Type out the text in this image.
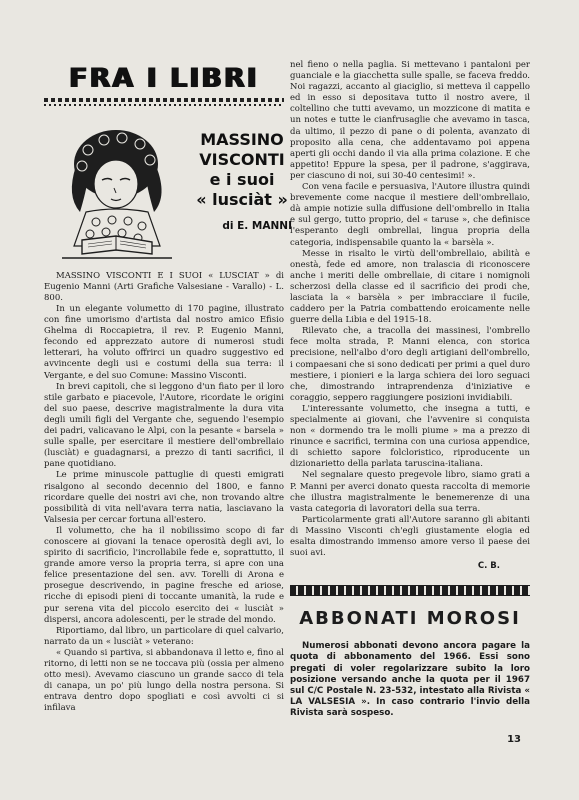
FRA I LIBRI
MASSINO
VISCONTI
e i suoi
« lusciàt »
di E. MANNI

MASSINO VISCONTI E I SUOI « LUSCIAT » di Eugenio Manni (Arti Grafiche Valsesiane - Varallo) - L. 800.

In un elegante volumetto di 170 pagine, illustrato con fine umorismo d'artista dal nostro amico Efisio Ghelma di Roccapietra, il rev. P. Eugenio Manni, fecondo ed apprezzato autore di numerosi studi letterari, ha voluto offrirci un quadro suggestivo ed avvincente degli usi e costumi della sua terra: il Vergante, e del suo Comune: Massino Visconti.

In brevi capitoli, che si leggono d'un fiato per il loro stile garbato e piacevole, l'Autore, ricordate le origini del suo paese, descrive magistralmente la dura vita degli umili figli del Vergante che, seguendo l'esempio dei padri, valicavano le Alpi, con la pesante « barsela » sulle spalle, per esercitare il mestiere dell'ombrellaio (lusciàt) e guadagnarsi, a prezzo di tanti sacrifici, il pane quotidiano.

Le prime minuscole pattuglie di questi emigrati risalgono al secondo decennio del 1800, e fanno ricordare quelle dei nostri avi che, non trovando altre possibilità di vita nell'avara terra natia, lasciavano la Valsesia per cercar fortuna all'estero.

Il volumetto, che ha il nobilissimo scopo di far conoscere ai giovani la tenace operosità degli avi, lo spirito di sacrificio, l'incrollabile fede e, soprattutto, il grande amore verso la propria terra, si apre con una felice presentazione del sen. avv. Torelli di Arona e prosegue descrivendo, in pagine fresche ed ariose, ricche di episodi pieni di toccante umanità, la rude e pur serena vita del piccolo esercito dei « lusciàt » dispersi, ancora adolescenti, per le strade del mondo.

Riportiamo, dal libro, un particolare di quel calvario, narrato da un « lusciàt » veterano:

« Quando si partiva, si abbandonava il letto e, fino al ritorno, di letti non se ne toccava più (ossia per almeno otto mesi). Avevamo ciascuno un grande sacco di tela di canapa, un po' più lungo della nostra persona. Si entrava dentro dopo spogliati e così avvolti ci si infilava

nel fieno o nella paglia. Si mettevano i pantaloni per guanciale e la giacchetta sulle spalle, se faceva freddo. Noi ragazzi, accanto al giaciglio, si metteva il cappello ed in esso si depositava tutto il nostro avere, il coltellino che tutti avevamo, un mozzicone di matita e un notes e tutte le cianfrusaglie che avevamo in tasca, da ultimo, il pezzo di pane o di polenta, avanzato di proposito alla cena, che addentavamo poi appena aperti gli occhi dando il via alla prima colazione. E che appetito! Eppure la spesa, per il padrone, s'aggirava, per ciascuno di noi, sui 30-40 centesimi! ».

Con vena facile e persuasiva, l'Autore illustra quindi brevemente come nacque il mestiere dell'ombrellaio, dà ampie notizie sulla diffusione dell'ombrello in Italia e sul gergo, tutto proprio, del « taruse », che definisce l'esperanto degli ombrellai, lingua propria della categoria, indispensabile quanto la « barsèla ».

Messe in risalto le virtù dell'ombrellaio, abilità e onestà, fede ed amore, non tralascia di riconoscere anche i meriti delle ombrellaie, di citare i nomignoli scherzosi della classe ed il sacrificio dei prodi che, lasciata la « barsèla » per imbracciare il fucile, caddero per la Patria combattendo eroicamente nelle guerre della Libia e del 1915-18.

Rilevato che, a tracolla dei massinesi, l'ombrello fece molta strada, P. Manni elenca, con storica precisione, nell'albo d'oro degli artigiani dell'ombrello, i compaesani che si sono dedicati per primi a quel duro mestiere, i pionieri e la larga schiera dei loro seguaci che, dimostrando intraprendenza d'iniziative e coraggio, seppero raggiungere posizioni invidiabili.

L'interessante volumetto, che insegna a tutti, e specialmente ai giovani, che l'avvenire si conquista non « dormendo tra le molli piume » ma a prezzo di rinunce e sacrifici, termina con una curiosa appendice, di schietto sapore folcloristico, riproducente un dizionarietto della parlata taruscina-italiana.

Nel segnalare questo pregevole libro, siamo grati a P. Manni per averci donato questa raccolta di memorie che illustra magistralmente le benemerenze di una vasta categoria di lavoratori della sua terra.

Particolarmente grati all'Autore saranno gli abitanti di Massino Visconti ch'egli giustamente elogia ed esalta dimostrando immenso amore verso il paese dei suoi avi.

C. B.
ABBONATI MOROSI
Numerosi abbonati devono ancora pagare la quota di abbonamento del 1966. Essi sono pregati di voler regolarizzare subito la loro posizione versando anche la quota per il 1967 sul C/C Postale N. 23-532, intestato alla Rivista « LA VALSESIA ». In caso contrario l'invio della Rivista sarà sospeso.
13
